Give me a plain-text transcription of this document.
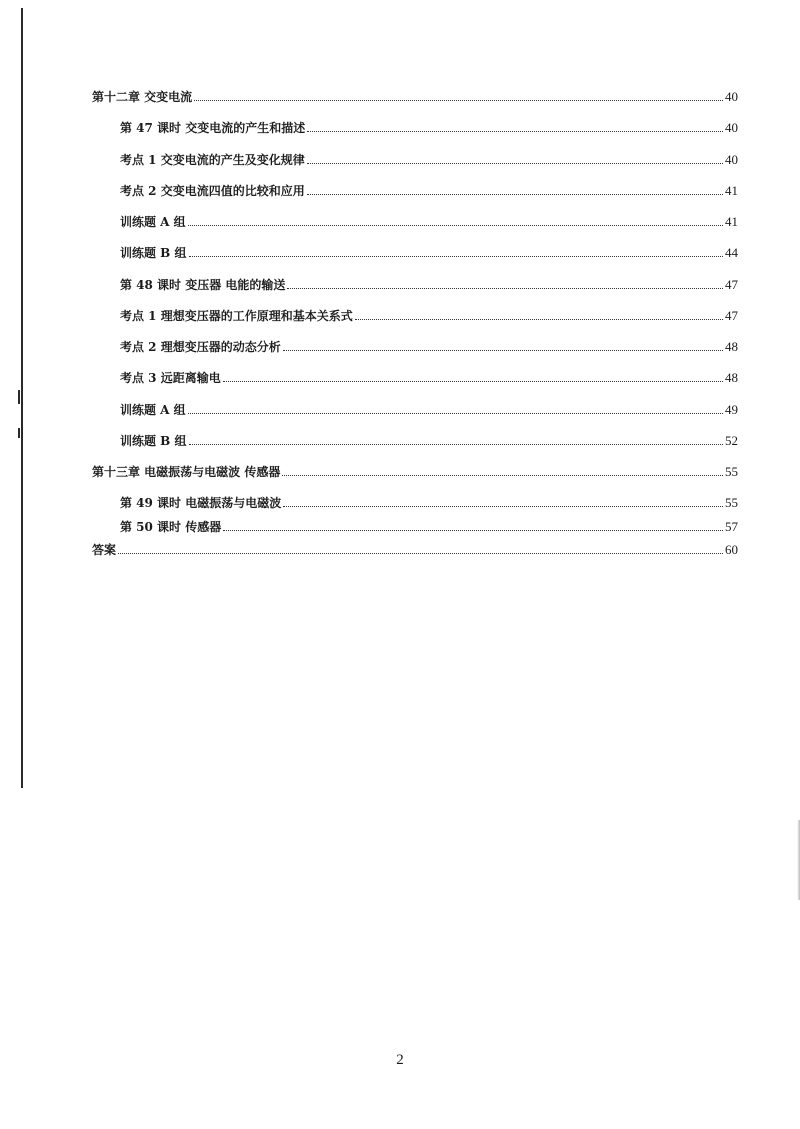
第十二章 交变电流	40
第 47 课时 交变电流的产生和描述	40
考点 1 交变电流的产生及变化规律	40
考点 2 交变电流四值的比较和应用	41
训练题 A 组	41
训练题 B 组	44
第 48 课时 变压器 电能的输送	47
考点 1 理想变压器的工作原理和基本关系式	47
考点 2 理想变压器的动态分析	48
考点 3 远距离输电	48
训练题 A 组	49
训练题 B 组	52
第十三章 电磁振荡与电磁波 传感器	55
第 49 课时 电磁振荡与电磁波	55
第 50 课时 传感器	57
答案	60
2
